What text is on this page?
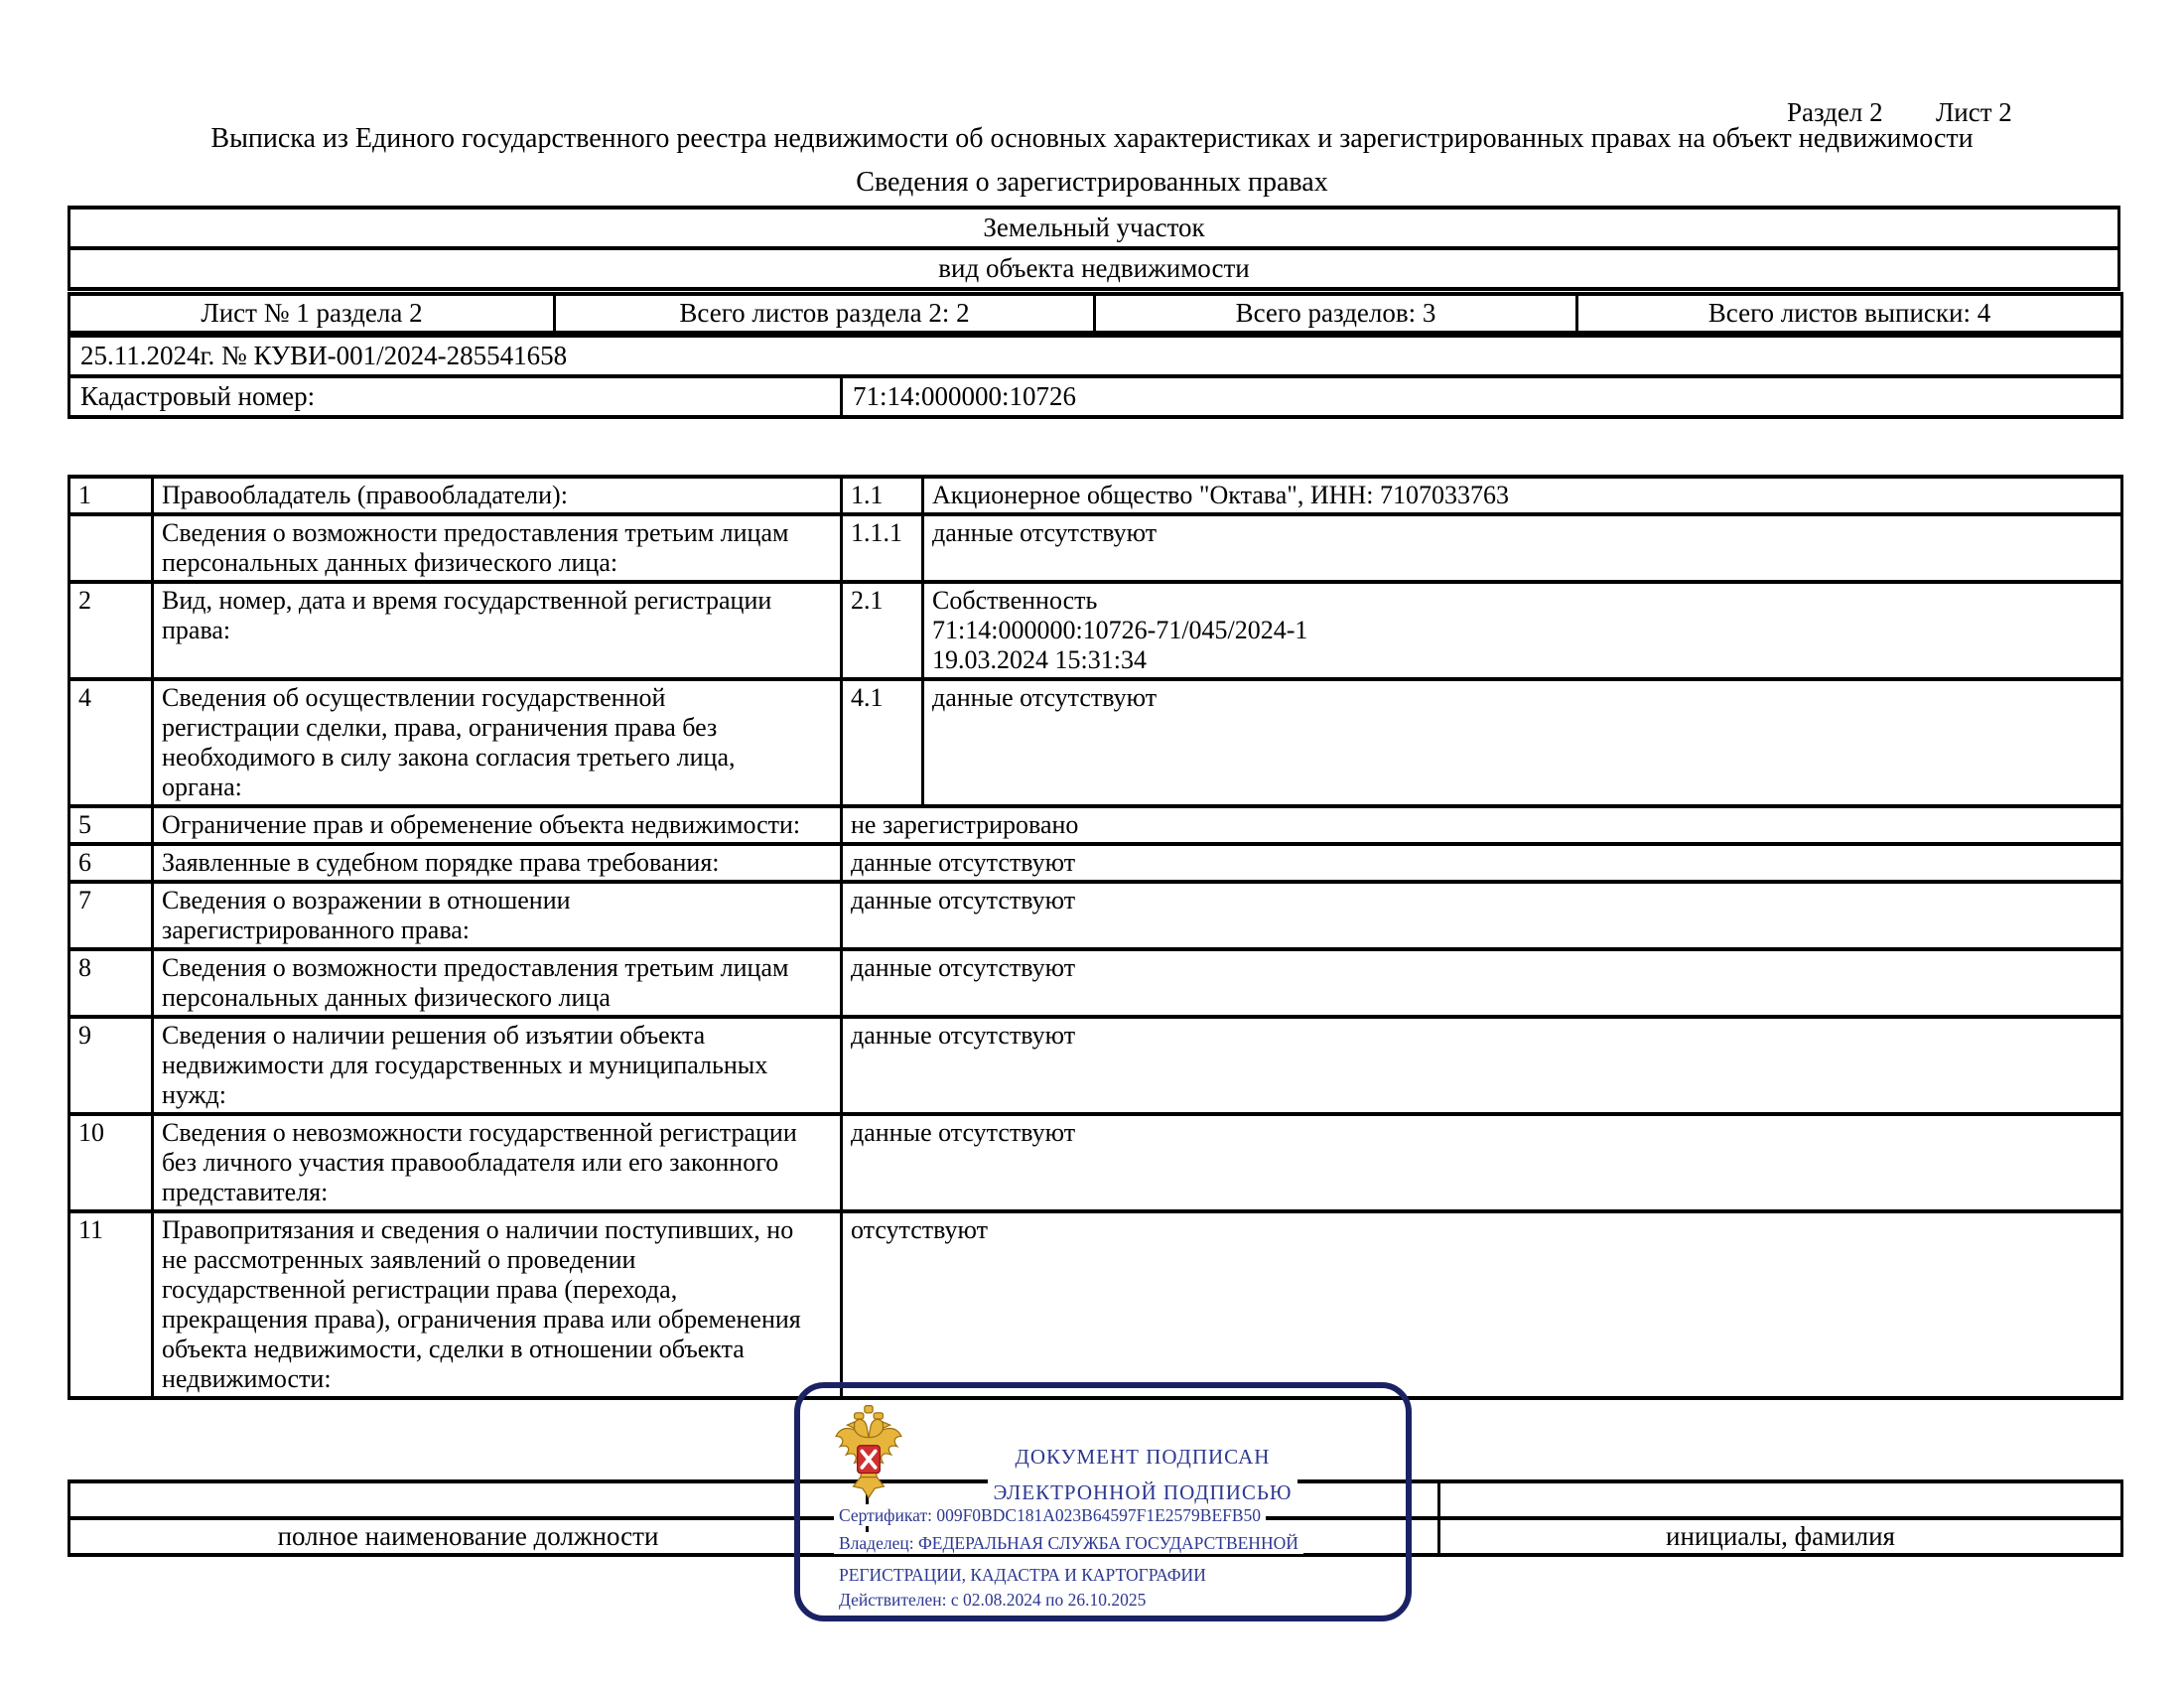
Раздел 2 Лист 2
Выписка из Единого государственного реестра недвижимости об основных характеристиках и зарегистрированных правах на объект недвижимости
Сведения о зарегистрированных правах
Земельный участок
вид объекта недвижимости
Лист № 1 раздела 2	Всего листов раздела 2: 2	Всего разделов: 3	Всего листов выписки: 4
25.11.2024г. № КУВИ-001/2024-285541658
Кадастровый номер:	71:14:000000:10726
1	Правообладатель (правообладатели):	1.1	Акционерное общество "Октава", ИНН: 7107033763
	Сведения о возможности предоставления третьим лицам
персональных данных физического лица:	1.1.1	данные отсутствуют
2	Вид, номер, дата и время государственной регистрации
права:	2.1	Собственность
71:14:000000:10726-71/045/2024-1
19.03.2024 15:31:34
4	Сведения об осуществлении государственной
регистрации сделки, права, ограничения права без
необходимого в силу закона согласия третьего лица,
органа:	4.1	данные отсутствуют
5	Ограничение прав и обременение объекта недвижимости:	не зарегистрировано	
6	Заявленные в судебном порядке права требования:	данные отсутствуют	
7	Сведения о возражении в отношении
зарегистрированного права:	данные отсутствуют	
8	Сведения о возможности предоставления третьим лицам
персональных данных физического лица	данные отсутствуют	
9	Сведения о наличии решения об изъятии объекта
недвижимости для государственных и муниципальных
нужд:	данные отсутствуют	
10	Сведения о невозможности государственной регистрации
без личного участия правообладателя или его законного
представителя:	данные отсутствуют	
11	Правопритязания и сведения о наличии поступивших, но
не рассмотренных заявлений о проведении
государственной регистрации права (перехода,
прекращения права), ограничения права или обременения
объекта недвижимости, сделки в отношении объекта
недвижимости:	отсутствуют

полное наименование должности		инициалы, фамилия
ДОКУМЕНТ ПОДПИСАН
ЭЛЕКТРОННОЙ ПОДПИСЬЮ
Сертификат: 009F0BDC181A023B64597F1E2579BEFB50
Владелец: ФЕДЕРАЛЬНАЯ СЛУЖБА ГОСУДАРСТВЕННОЙ
РЕГИСТРАЦИИ, КАДАСТРА И КАРТОГРАФИИ
Действителен: с 02.08.2024 по 26.10.2025
